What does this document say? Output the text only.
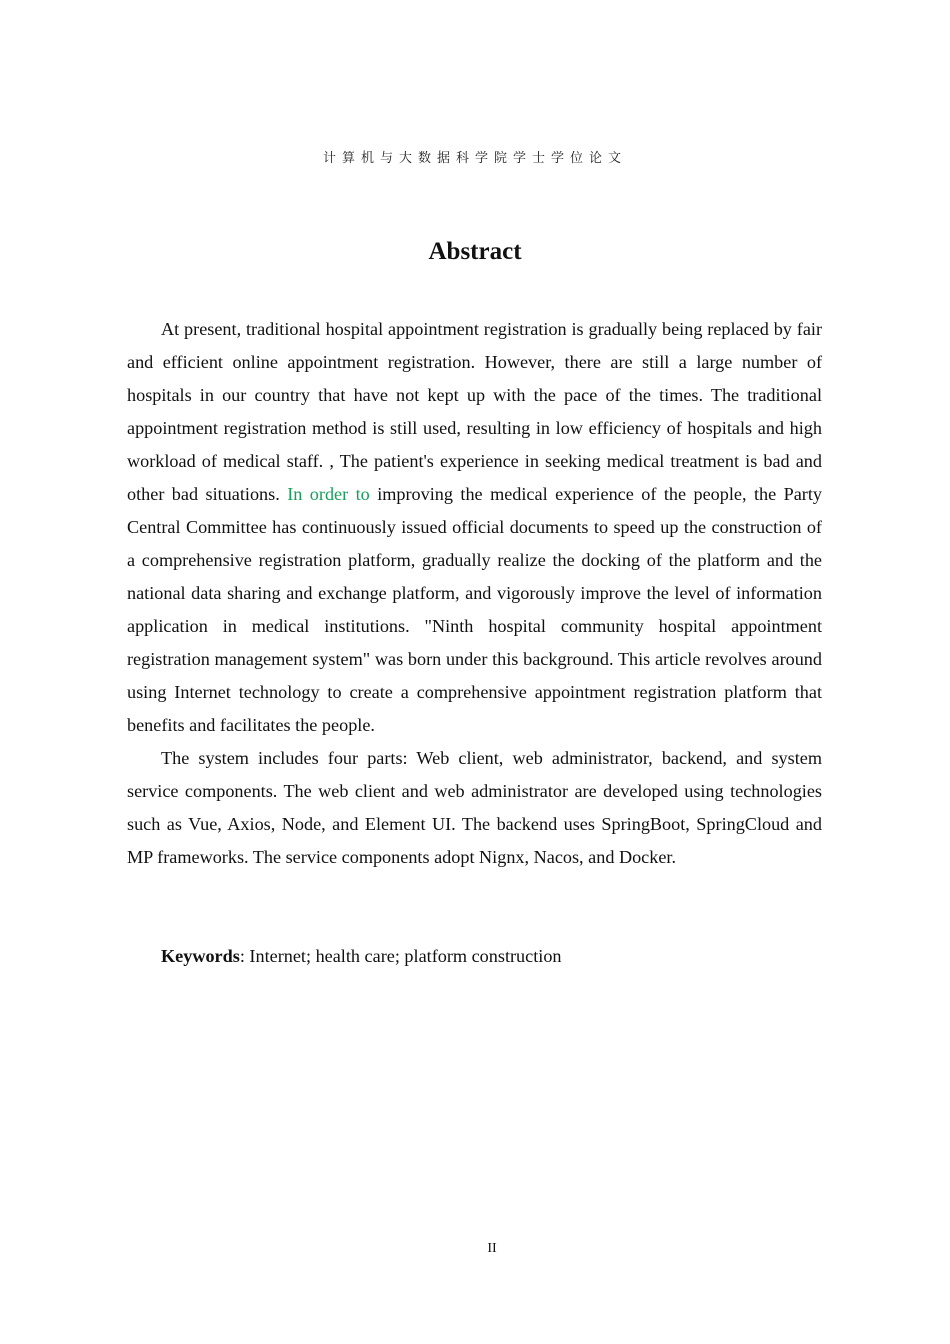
计算机与大数据科学院学士学位论文
Abstract

At present, traditional hospital appointment registration is gradually being replaced by fair and efficient online appointment registration. However, there are still a large number of hospitals in our country that have not kept up with the pace of the times. The traditional appointment registration method is still used, resulting in low efficiency of hospitals and high workload of medical staff. , The patient's experience in seeking medical treatment is bad and other bad situations. In order to improving the medical experience of the people, the Party Central Committee has continuously issued official documents to speed up the construction of a comprehensive registration platform, gradually realize the docking of the platform and the national data sharing and exchange platform, and vigorously improve the level of information application in medical institutions. "Ninth hospital community hospital appointment registration management system" was born under this background. This article revolves around using Internet technology to create a comprehensive appointment registration platform that benefits and facilitates the people.

The system includes four parts: Web client, web administrator, backend, and system service components. The web client and web administrator are developed using technologies such as Vue, Axios, Node, and Element UI. The backend uses SpringBoot, SpringCloud and MP frameworks. The service components adopt Nignx, Nacos, and Docker.

Keywords: Internet; health care; platform construction

II
